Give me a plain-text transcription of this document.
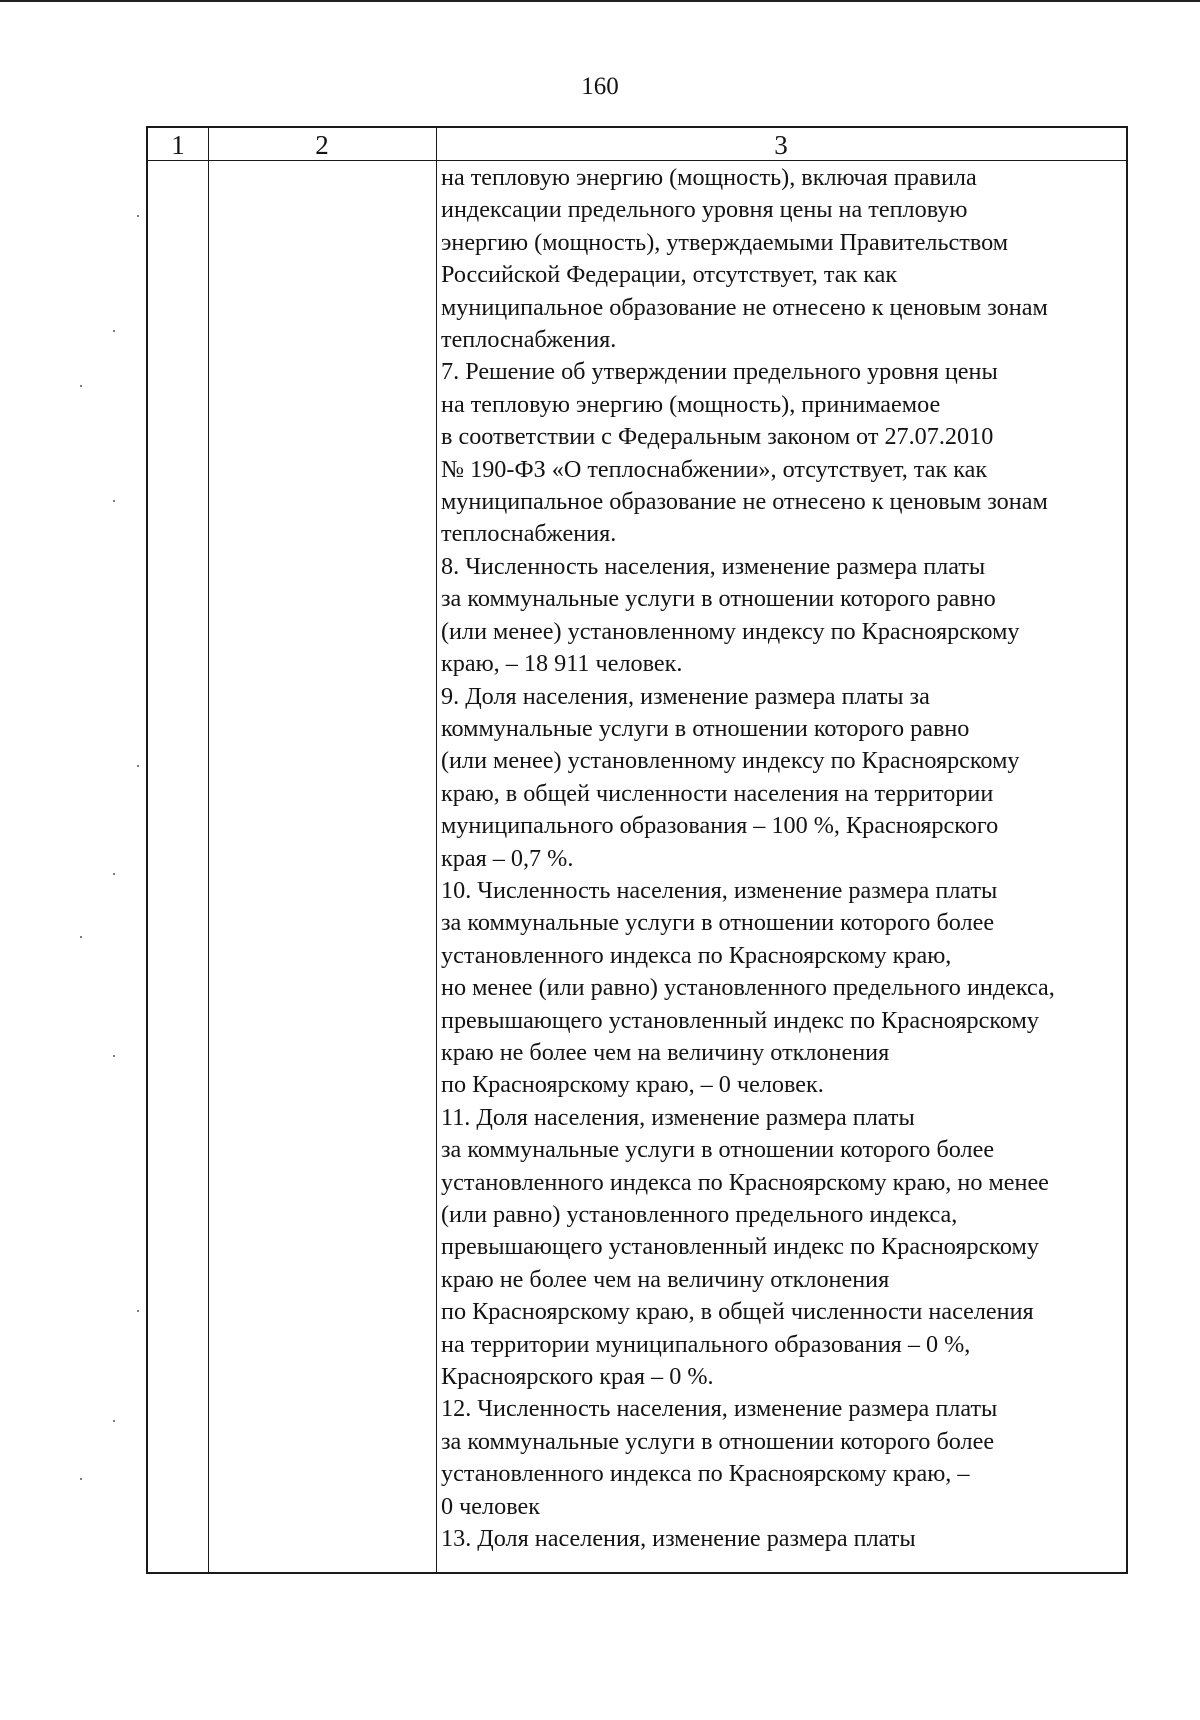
160
1	2	3
на тепловую энергию (мощность), включая правила
индексации предельного уровня цены на тепловую
энергию (мощность), утверждаемыми Правительством
Российской Федерации, отсутствует, так как
муниципальное образование не отнесено к ценовым зонам
теплоснабжения.
7. Решение об утверждении предельного уровня цены
на тепловую энергию (мощность), принимаемое
в соответствии с Федеральным законом от 27.07.2010
№ 190-ФЗ «О теплоснабжении», отсутствует, так как
муниципальное образование не отнесено к ценовым зонам
теплоснабжения.
8. Численность населения, изменение размера платы
за коммунальные услуги в отношении которого равно
(или менее) установленному индексу по Красноярскому
краю, – 18 911 человек.
9. Доля населения, изменение размера платы за
коммунальные услуги в отношении которого равно
(или менее) установленному индексу по Красноярскому
краю, в общей численности населения на территории
муниципального образования – 100 %, Красноярского
края – 0,7 %.
10. Численность населения, изменение размера платы
за коммунальные услуги в отношении которого более
установленного индекса по Красноярскому краю,
но менее (или равно) установленного предельного индекса,
превышающего установленный индекс по Красноярскому
краю не более чем на величину отклонения
по Красноярскому краю, – 0 человек.
11. Доля населения, изменение размера платы
за коммунальные услуги в отношении которого более
установленного индекса по Красноярскому краю, но менее
(или равно) установленного предельного индекса,
превышающего установленный индекс по Красноярскому
краю не более чем на величину отклонения
по Красноярскому краю, в общей численности населения
на территории муниципального образования – 0 %,
Красноярского края – 0 %.
12. Численность населения, изменение размера платы
за коммунальные услуги в отношении которого более
установленного индекса по Красноярскому краю, –
0 человек
13. Доля населения, изменение размера платы
